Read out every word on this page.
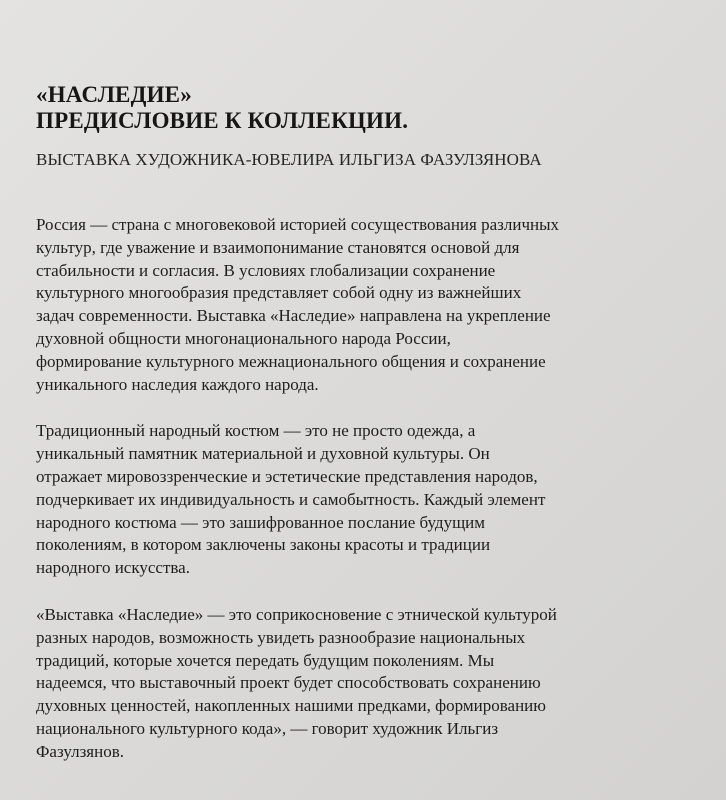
«НАСЛЕДИЕ»
ПРЕДИСЛОВИЕ К КОЛЛЕКЦИИ.

ВЫСТАВКА ХУДОЖНИКА-ЮВЕЛИРА ИЛЬГИЗА ФАЗУЛЗЯНОВА

Россия — страна с многовековой историей сосуществования различных
культур, где уважение и взаимопонимание становятся основой для
стабильности и согласия. В условиях глобализации сохранение
культурного многообразия представляет собой одну из важнейших
задач современности. Выставка «Наследие» направлена на укрепление
духовной общности многонационального народа России,
формирование культурного межнационального общения и сохранение
уникального наследия каждого народа.

Традиционный народный костюм — это не просто одежда, а
уникальный памятник материальной и духовной культуры. Он
отражает мировоззренческие и эстетические представления народов,
подчеркивает их индивидуальность и самобытность. Каждый элемент
народного костюма — это зашифрованное послание будущим
поколениям, в котором заключены законы красоты и традиции
народного искусства.

«Выставка «Наследие» — это соприкосновение с этнической культурой
разных народов, возможность увидеть разнообразие национальных
традиций, которые хочется передать будущим поколениям. Мы
надеемся, что выставочный проект будет способствовать сохранению
духовных ценностей, накопленных нашими предками, формированию
национального культурного кода», — говорит художник Ильгиз
Фазулзянов.
